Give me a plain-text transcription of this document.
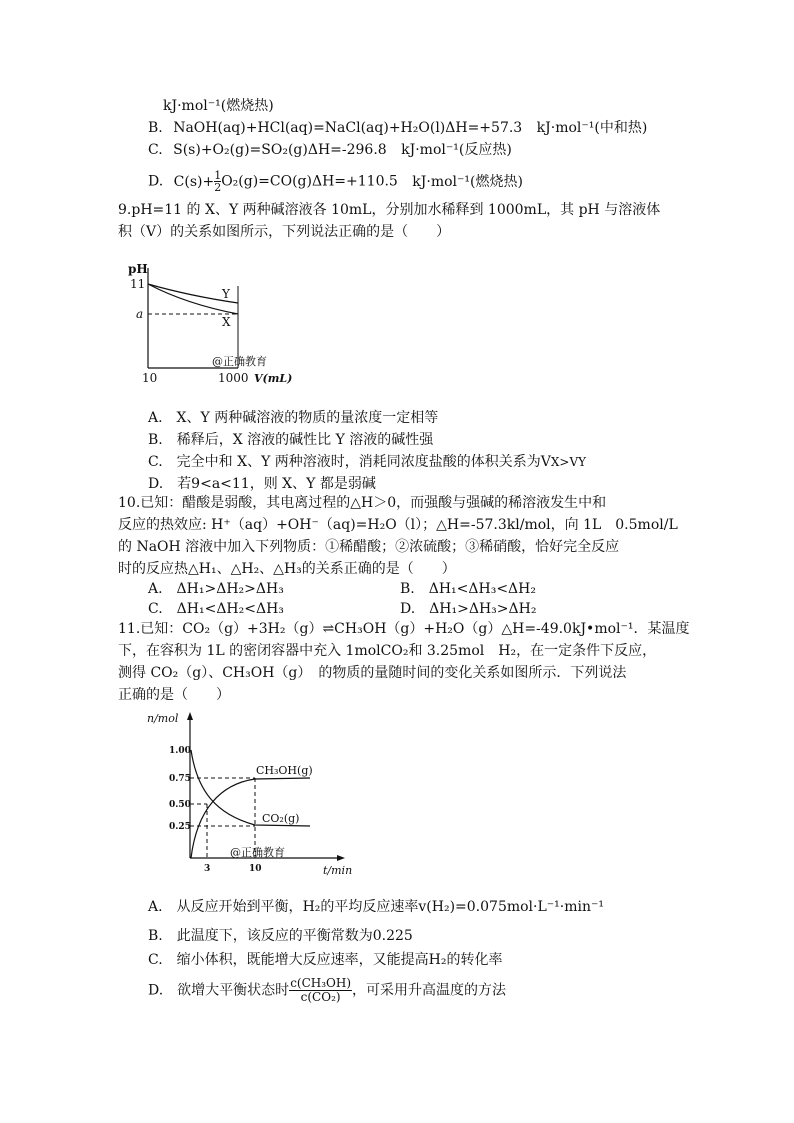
kJ·mol⁻¹(燃烧热)
B. NaOH(aq)+HCl(aq)=NaCl(aq)+H₂O(l)ΔH=+57.3 kJ·mol⁻¹(中和热)
C. S(s)+O₂(g)=SO₂(g)ΔH=-296.8 kJ·mol⁻¹(反应热)
D. $C(s)+ \frac{1}{2} O_2(g)=CO(g)\Delta H=+110.5$ kJ·mol⁻¹(燃烧热)
9.pH=11 的 X、Y 两种碱溶液各 10mL，分别加水稀释到 1000mL，其 pH 与溶液体
积（V）的关系如图所示，下列说法正确的是（　　）
pH
11
a
Y
X
@正确教育
10	1000 V(mL)
A.　X、Y 两种碱溶液的物质的量浓度一定相等
B.　稀释后，X 溶液的碱性比 Y 溶液的碱性强
C.　完全中和 X、Y 两种溶液时，消耗同浓度盐酸的体积关系为VX>VY
D.　若9<a<11，则 X、Y 都是弱碱
10.已知：醋酸是弱酸，其电离过程的△H＞0，而强酸与强碱的稀溶液发生中和
反应的热效应: H⁺（aq）+OH⁻（aq)=H₂O（l）；△H=-57.3kl/mol，向 1L　0.5mol/L
的 NaOH 溶液中加入下列物质：①稀醋酸；②浓硫酸；③稀硝酸，恰好完全反应
时的反应热△H₁、△H₂、△H₃的关系正确的是（　　）
A.　ΔH₁>ΔH₂>ΔH₃	B.　ΔH₁<ΔH₃<ΔH₂
C.　ΔH₁<ΔH₂<ΔH₃	D.　ΔH₁>ΔH₃>ΔH₂
11.已知：CO₂（g）+3H₂（g）⇌CH₃OH（g）+H₂O（g）△H=-49.0kJ•mol⁻¹．某温度
下，在容积为 1L 的密闭容器中充入 1molCO₂和 3.25mol　H₂，在一定条件下反应，
测得 CO₂（g）、CH₃OH（g）　的物质的量随时间的变化关系如图所示．下列说法
正确的是（　　）
n/mol
1.00
0.75
0.50
0.25
CH₃OH(g)
CO₂(g)
@正确教育
3	10	t/min
A.　从反应开始到平衡，H₂的平均反应速率v(H₂)=0.075mol·L⁻¹·min⁻¹
B.　此温度下，该反应的平衡常数为0.225
C.　缩小体积，既能增大反应速率，又能提高H₂的转化率
D.　欲增大平衡状态时 $\frac{\text{c(CH₃OH)}}{\text{c(CO₂)}}$ ，可采用升高温度的方法
